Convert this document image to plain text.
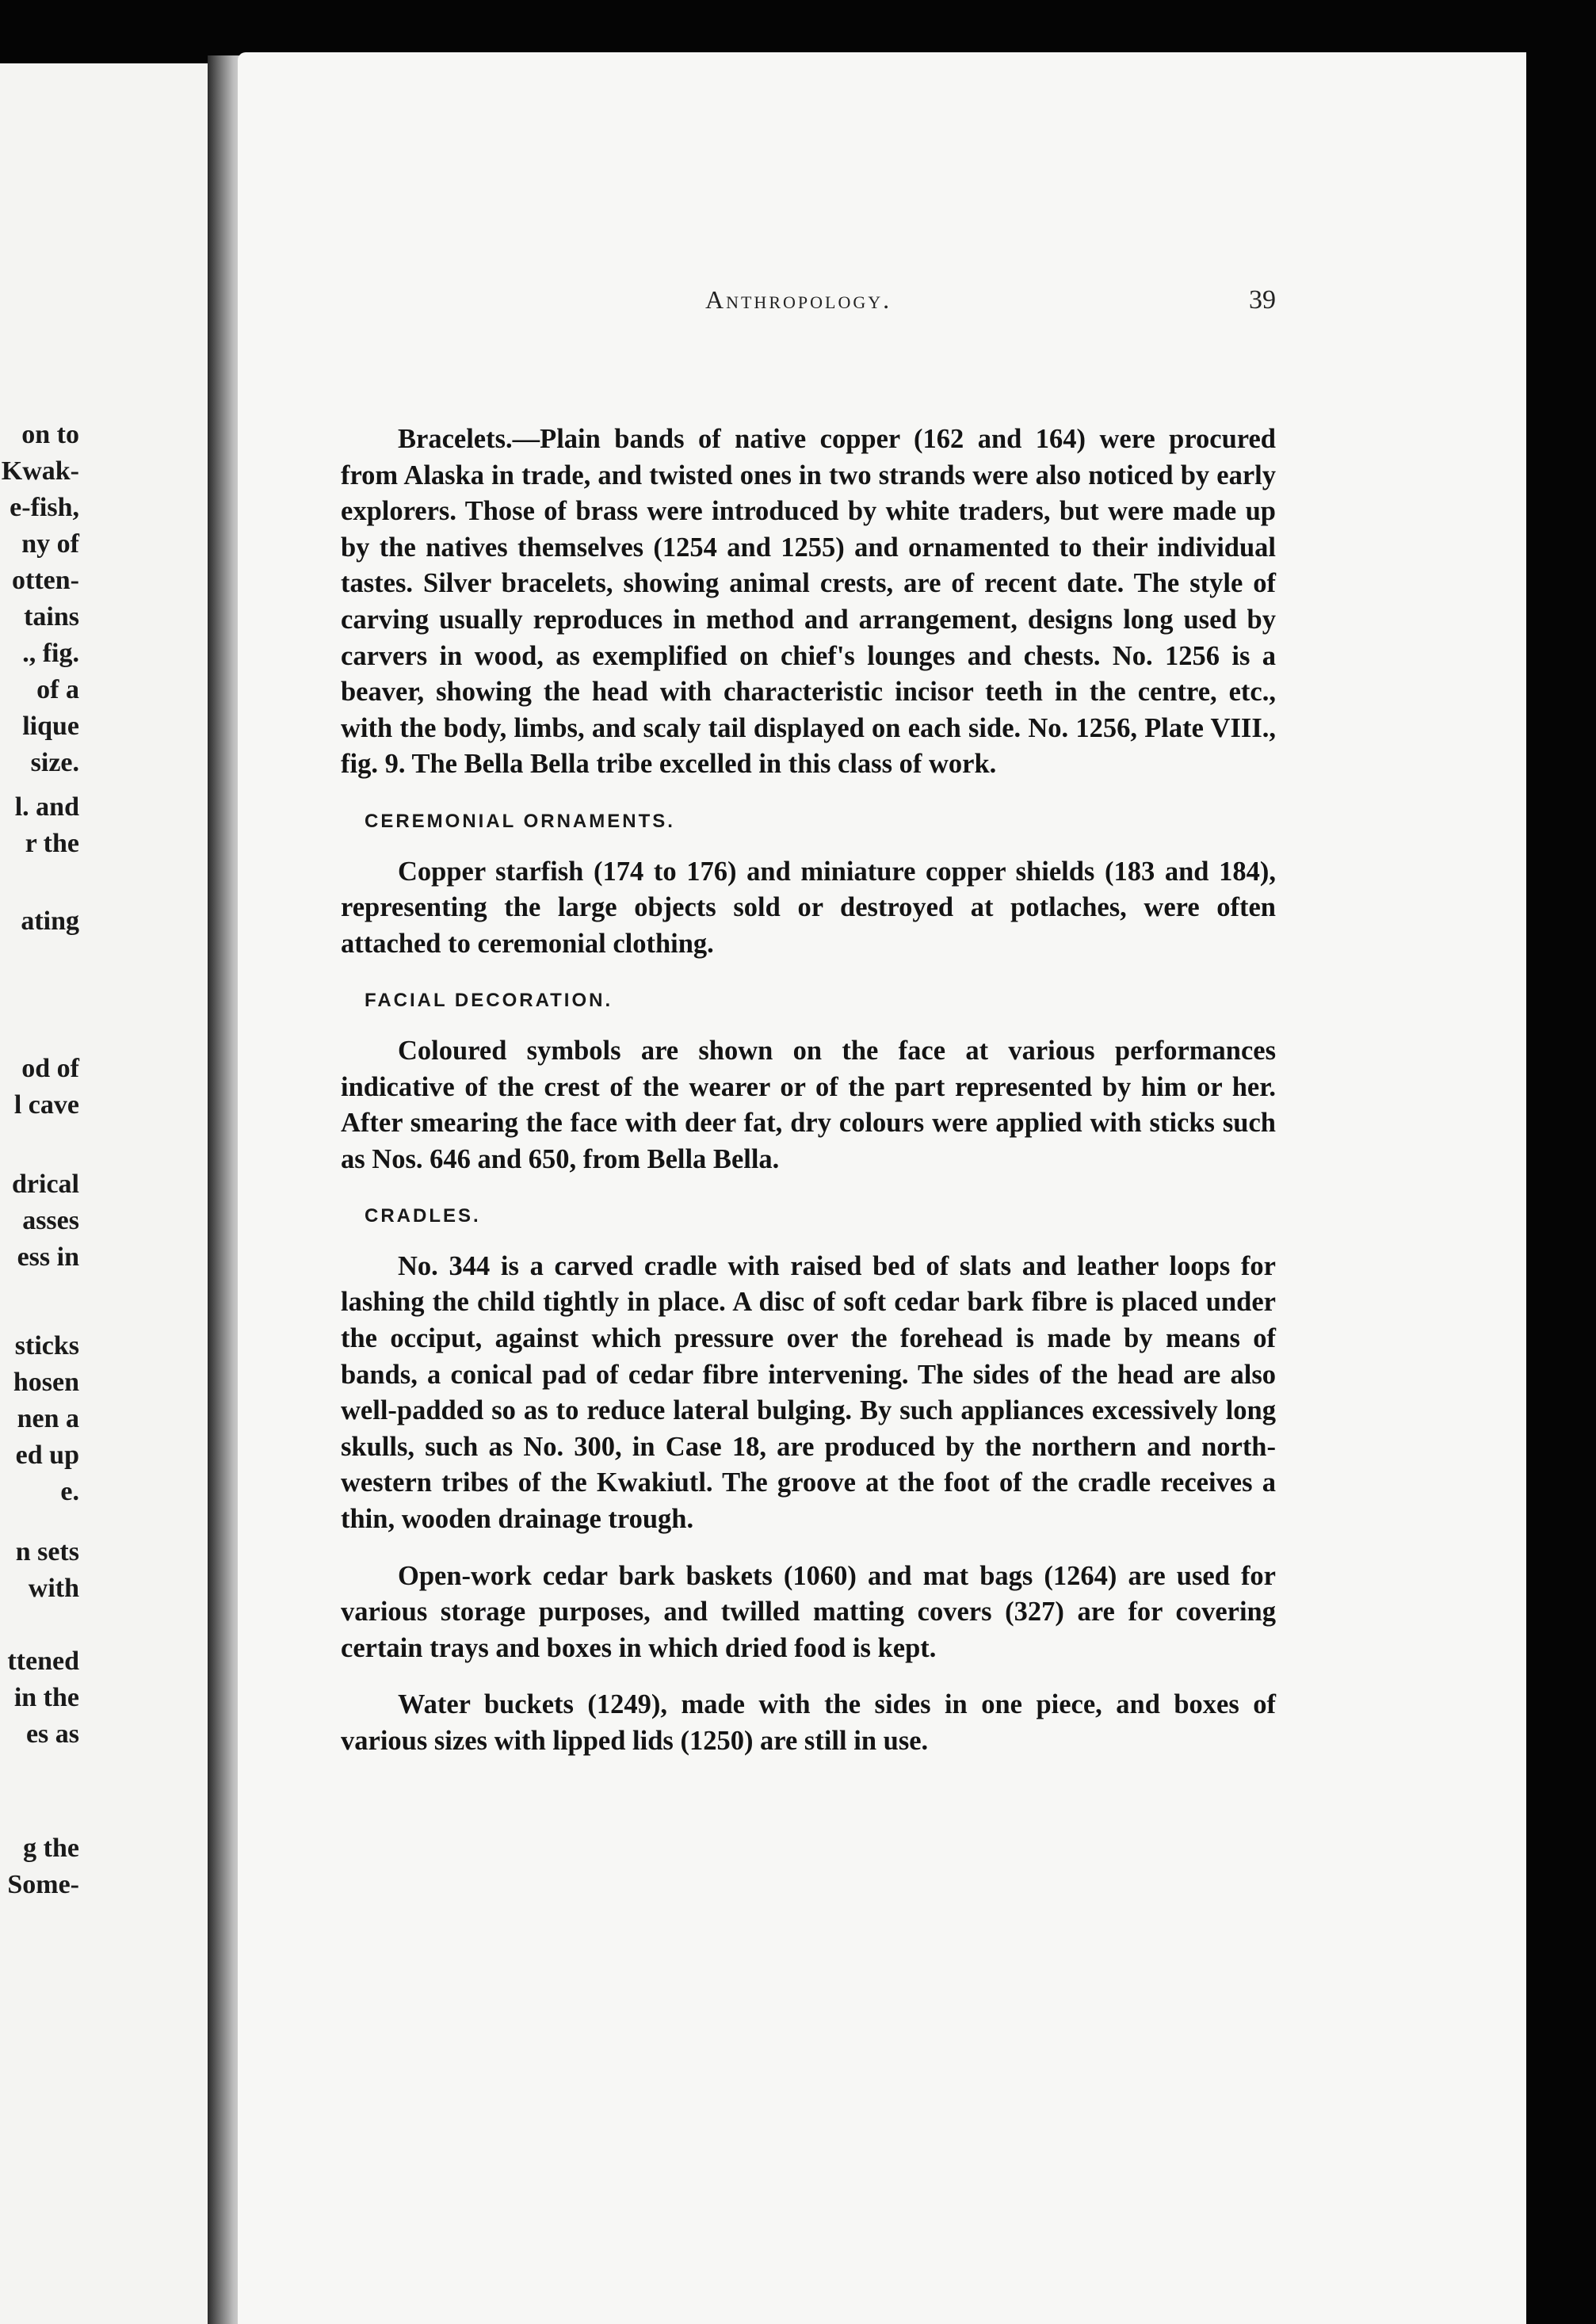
on to

Kwak-

e-fish,

ny of

otten-

tains

., fig.

of a

lique

size.

l. and

r the

ating

od of

l cave

drical

asses

ess in

sticks

hosen

nen a

ed up

e.

n sets

with

ttened

in the

es as

g the

Some-

Anthropology.	39

Bracelets.—Plain bands of native copper (162 and 164) were procured from Alaska in trade, and twisted ones in two strands were also noticed by early explorers. Those of brass were introduced by white traders, but were made up by the natives themselves (1254 and 1255) and ornamented to their individual tastes. Silver bracelets, showing animal crests, are of recent date. The style of carving usually reproduces in method and arrangement, designs long used by carvers in wood, as exemplified on chief's lounges and chests. No. 1256 is a beaver, showing the head with characteristic incisor teeth in the centre, etc., with the body, limbs, and scaly tail displayed on each side. No. 1256, Plate VIII., fig. 9. The Bella Bella tribe excelled in this class of work.

CEREMONIAL ORNAMENTS.

Copper starfish (174 to 176) and miniature copper shields (183 and 184), representing the large objects sold or destroyed at potlaches, were often attached to ceremonial clothing.

FACIAL DECORATION.

Coloured symbols are shown on the face at various performances indicative of the crest of the wearer or of the part represented by him or her. After smearing the face with deer fat, dry colours were applied with sticks such as Nos. 646 and 650, from Bella Bella.

CRADLES.

No. 344 is a carved cradle with raised bed of slats and leather loops for lashing the child tightly in place. A disc of soft cedar bark fibre is placed under the occiput, against which pressure over the forehead is made by means of bands, a conical pad of cedar fibre intervening. The sides of the head are also well-padded so as to reduce lateral bulging. By such appliances excessively long skulls, such as No. 300, in Case 18, are produced by the northern and north-western tribes of the Kwakiutl. The groove at the foot of the cradle receives a thin, wooden drainage trough.

Open-work cedar bark baskets (1060) and mat bags (1264) are used for various storage purposes, and twilled matting covers (327) are for covering certain trays and boxes in which dried food is kept.

Water buckets (1249), made with the sides in one piece, and boxes of various sizes with lipped lids (1250) are still in use.
